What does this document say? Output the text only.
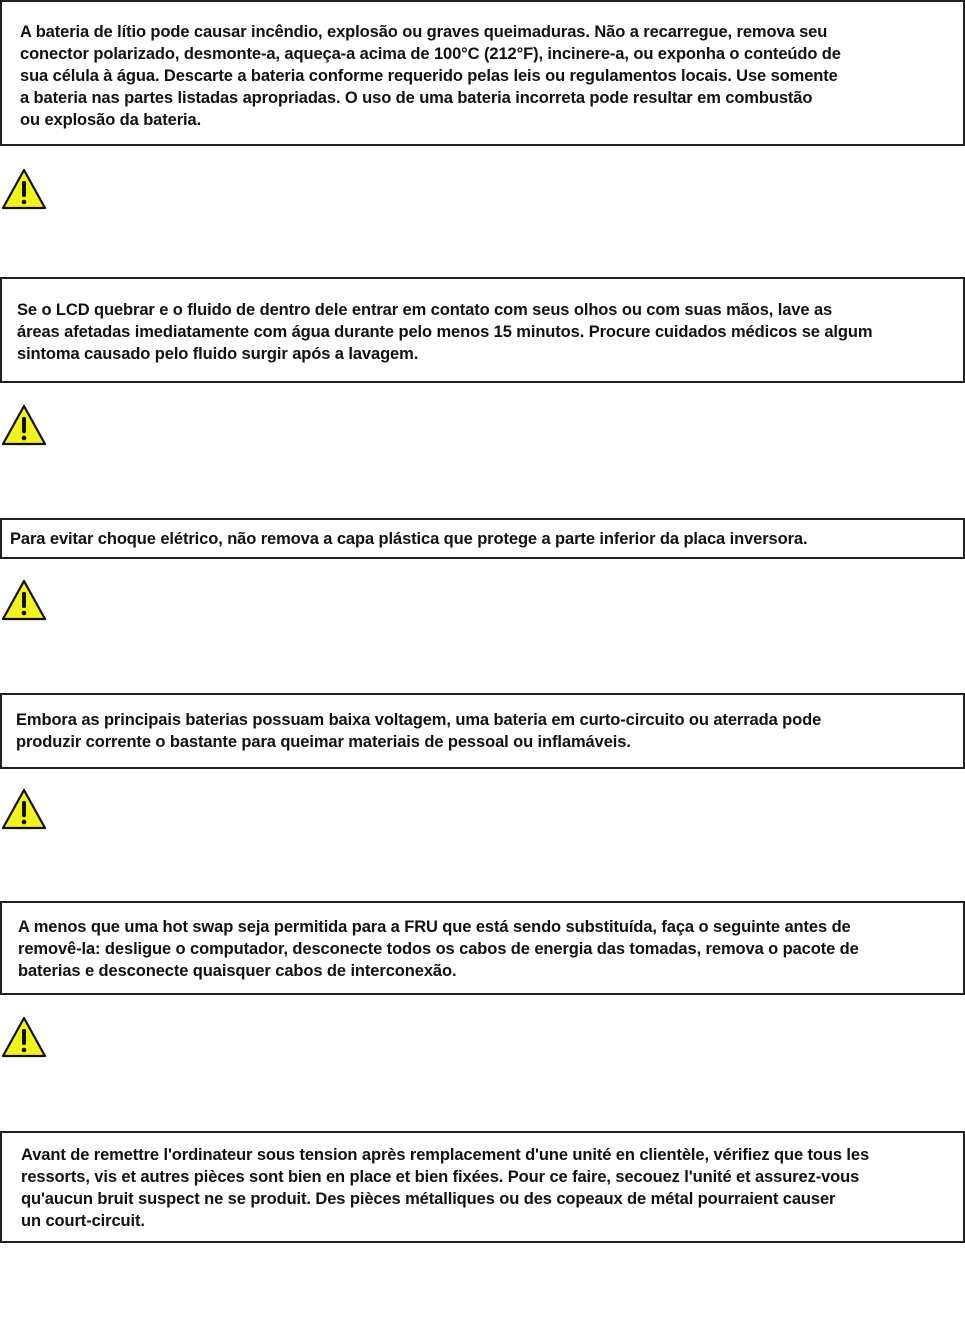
A bateria de lítio pode causar incêndio, explosão ou graves queimaduras. Não a recarregue, remova seu
conector polarizado, desmonte-a, aqueça-a acima de 100°C (212°F), incinere-a, ou exponha o conteúdo de
sua célula à água. Descarte a bateria conforme requerido pelas leis ou regulamentos locais. Use somente
a bateria nas partes listadas apropriadas. O uso de uma bateria incorreta pode resultar em combustão
ou explosão da bateria.

Se o LCD quebrar e o fluido de dentro dele entrar em contato com seus olhos ou com suas mãos, lave as
áreas afetadas imediatamente com água durante pelo menos 15 minutos. Procure cuidados médicos se algum
sintoma causado pelo fluido surgir após a lavagem.

Para evitar choque elétrico, não remova a capa plástica que protege a parte inferior da placa inversora.

Embora as principais baterias possuam baixa voltagem, uma bateria em curto-circuito ou aterrada pode
produzir corrente o bastante para queimar materiais de pessoal ou inflamáveis.

A menos que uma hot swap seja permitida para a FRU que está sendo substituída, faça o seguinte antes de
removê-la: desligue o computador, desconecte todos os cabos de energia das tomadas, remova o pacote de
baterias e desconecte quaisquer cabos de interconexão.

Avant de remettre l'ordinateur sous tension après remplacement d'une unité en clientèle, vérifiez que tous les
ressorts, vis et autres pièces sont bien en place et bien fixées. Pour ce faire, secouez l'unité et assurez-vous
qu'aucun bruit suspect ne se produit. Des pièces métalliques ou des copeaux de métal pourraient causer
un court-circuit.
